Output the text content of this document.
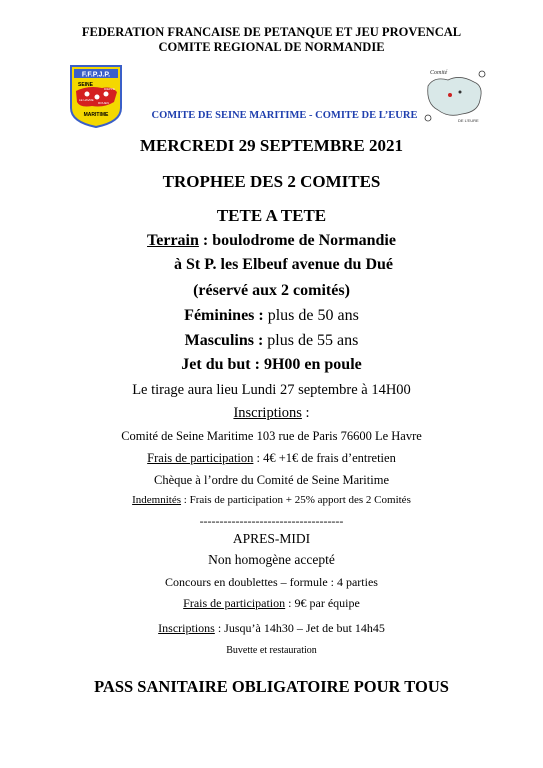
FEDERATION FRANCAISE DE PETANQUE ET JEU PROVENCAL
COMITE REGIONAL DE NORMANDIE
F.F.P.J.P.
SEINE
DIEPPE
LE HAVRE
ROUEN
MARITIME
Comité
DE L’EURE
COMITE DE SEINE MARITIME - COMITE DE L’EURE
MERCREDI 29 SEPTEMBRE 2021
TROPHEE DES 2 COMITES
TETE A TETE
Terrain : boulodrome de Normandie
à St P. les Elbeuf avenue du Dué
(réservé aux 2 comités)
Féminines : plus de 50 ans
Masculins : plus de 55 ans
Jet du but : 9H00 en poule
Le tirage aura lieu Lundi 27 septembre à 14H00
Inscriptions :
Comité de Seine Maritime 103 rue de Paris 76600 Le Havre
Frais de participation : 4€ +1€ de frais d’entretien
Chèque à l’ordre du Comité de Seine Maritime
Indemnités : Frais de participation + 25% apport des 2 Comités
------------------------------------
APRES-MIDI
Non homogène accepté
Concours en doublettes – formule : 4 parties
Frais de participation : 9€ par équipe
Inscriptions : Jusqu’à 14h30 – Jet de but 14h45
Buvette et restauration
PASS SANITAIRE OBLIGATOIRE POUR TOUS
